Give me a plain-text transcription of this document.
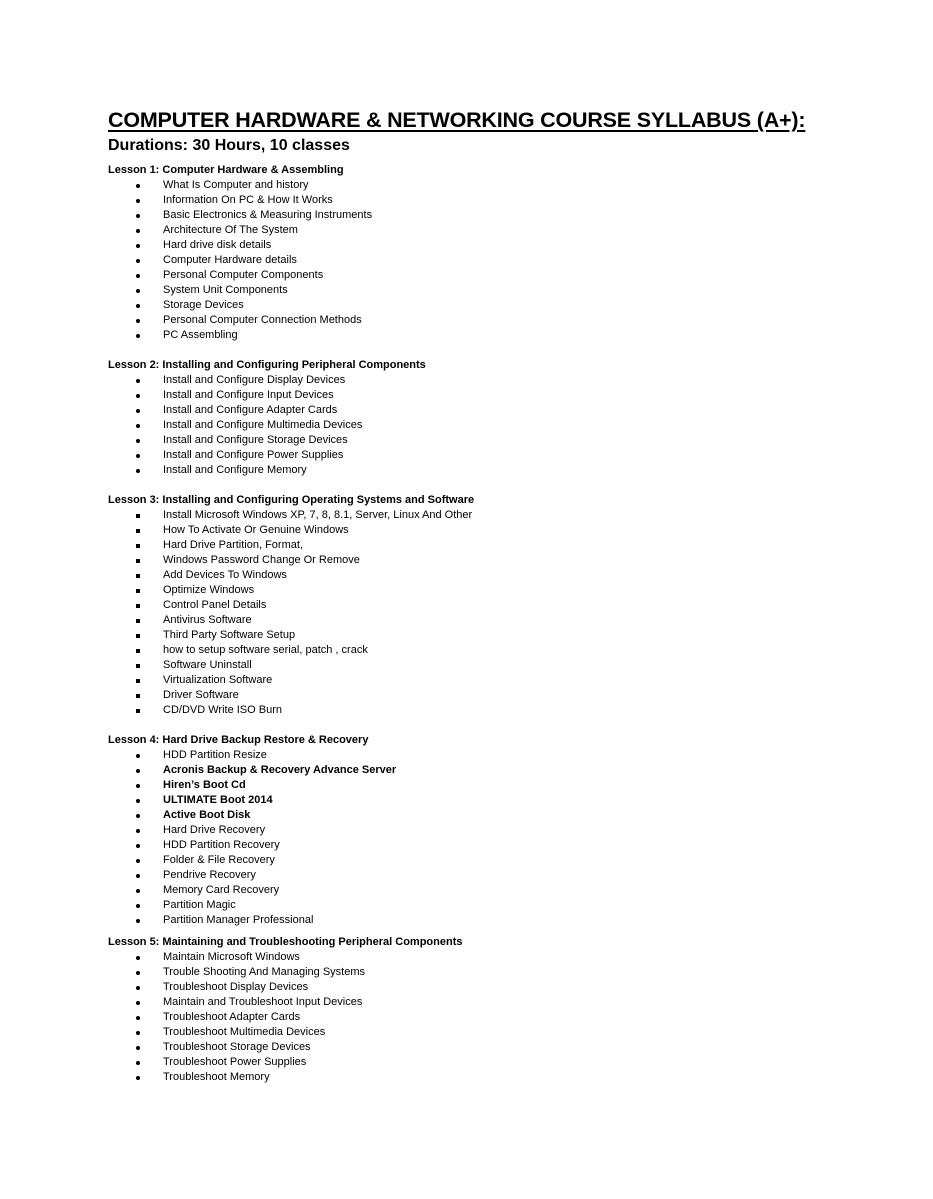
COMPUTER HARDWARE & NETWORKING COURSE SYLLABUS (A+):
Durations: 30 Hours, 10 classes
Lesson 1: Computer Hardware & Assembling
What Is Computer and history
Information On PC & How It Works
Basic Electronics & Measuring Instruments
Architecture Of The System
Hard drive disk details
Computer Hardware details
Personal Computer Components
System Unit Components
Storage Devices
Personal Computer Connection Methods
PC Assembling
Lesson 2: Installing and Configuring Peripheral Components
Install and Configure Display Devices
Install and Configure Input Devices
Install and Configure Adapter Cards
Install and Configure Multimedia Devices
Install and Configure Storage Devices
Install and Configure Power Supplies
Install and Configure Memory
Lesson 3: Installing and Configuring Operating Systems and Software
Install Microsoft Windows XP, 7, 8, 8.1, Server, Linux And Other
How To Activate Or Genuine Windows
Hard Drive Partition, Format,
Windows Password Change Or Remove
Add Devices To Windows
Optimize Windows
Control Panel Details
Antivirus Software
Third Party Software Setup
how to setup software serial, patch , crack
Software Uninstall
Virtualization Software
Driver Software
CD/DVD Write ISO Burn
Lesson 4: Hard Drive Backup Restore & Recovery
HDD Partition Resize
Acronis Backup & Recovery Advance Server
Hiren’s Boot Cd
ULTIMATE Boot 2014
Active Boot Disk
Hard Drive Recovery
HDD Partition Recovery
Folder & File Recovery
Pendrive Recovery
Memory Card Recovery
Partition Magic
Partition Manager Professional
Lesson 5: Maintaining and Troubleshooting Peripheral Components
Maintain Microsoft Windows
Trouble Shooting And Managing Systems
Troubleshoot Display Devices
Maintain and Troubleshoot Input Devices
Troubleshoot Adapter Cards
Troubleshoot Multimedia Devices
Troubleshoot Storage Devices
Troubleshoot Power Supplies
Troubleshoot Memory
